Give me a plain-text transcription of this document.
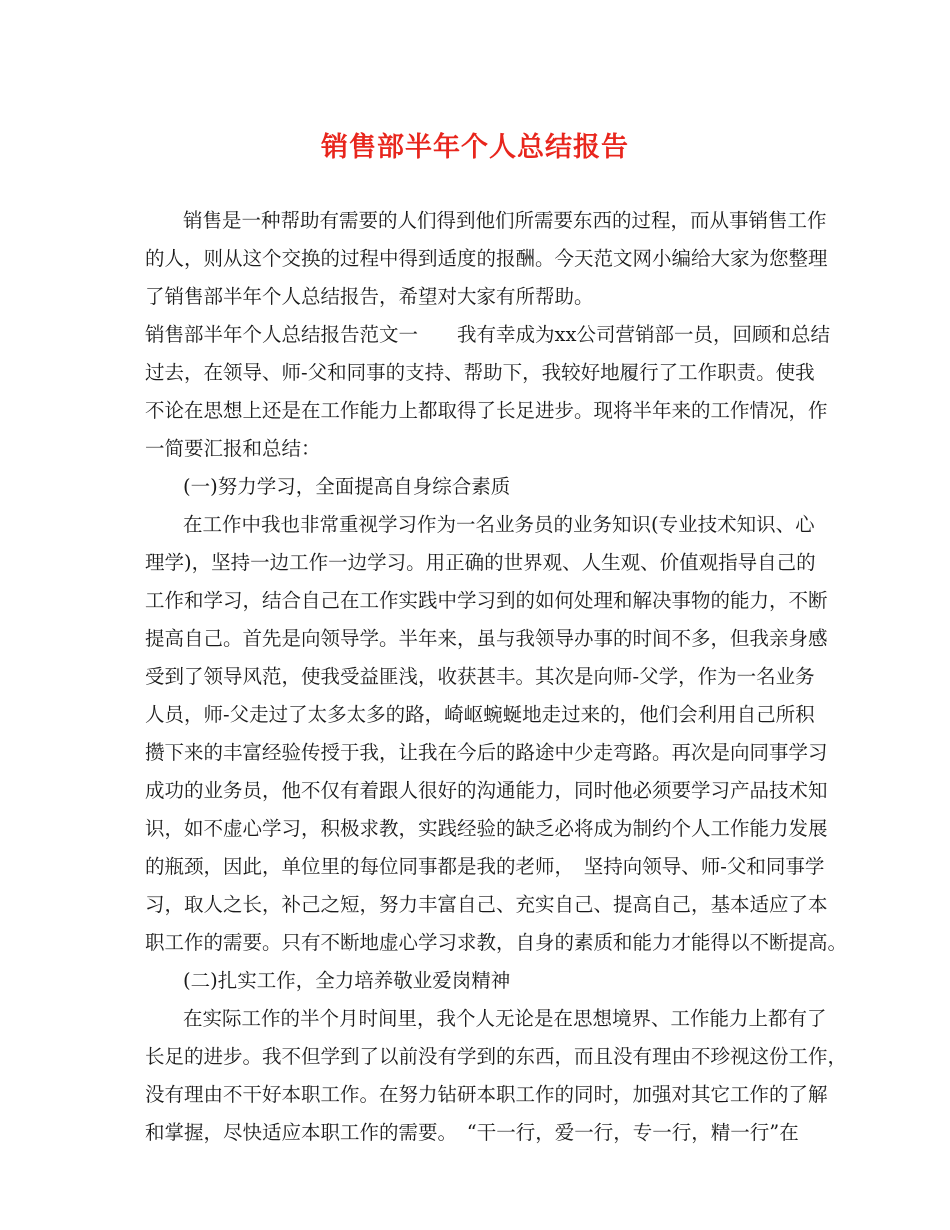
销售部半年个人总结报告
销售是一种帮助有需要的人们得到他们所需要东西的过程，而从事销售工作
的人，则从这个交换的过程中得到适度的报酬。今天范文网小编给大家为您整理
了销售部半年个人总结报告，希望对大家有所帮助。
销售部半年个人总结报告范文一　　我有幸成为xx公司营销部一员，回顾和总结
过去，在领导、师-父和同事的支持、帮助下，我较好地履行了工作职责。使我
不论在思想上还是在工作能力上都取得了长足进步。现将半年来的工作情况，作
一简要汇报和总结：
(一)努力学习，全面提高自身综合素质
在工作中我也非常重视学习作为一名业务员的业务知识(专业技术知识、心
理学)，坚持一边工作一边学习。用正确的世界观、人生观、价值观指导自己的
工作和学习，结合自己在工作实践中学习到的如何处理和解决事物的能力，不断
提高自己。首先是向领导学。半年来，虽与我领导办事的时间不多，但我亲身感
受到了领导风范，使我受益匪浅，收获甚丰。其次是向师-父学，作为一名业务
人员，师-父走过了太多太多的路，崎岖蜿蜒地走过来的，他们会利用自己所积
攒下来的丰富经验传授于我，让我在今后的路途中少走弯路。再次是向同事学习
成功的业务员，他不仅有着跟人很好的沟通能力，同时他必须要学习产品技术知
识，如不虚心学习，积极求教，实践经验的缺乏必将成为制约个人工作能力发展
的瓶颈，因此，单位里的每位同事都是我的老师，　坚持向领导、师-父和同事学
习，取人之长，补己之短，努力丰富自己、充实自己、提高自己，基本适应了本
职工作的需要。只有不断地虚心学习求教，自身的素质和能力才能得以不断提高。
(二)扎实工作，全力培养敬业爱岗精神
在实际工作的半个月时间里，我个人无论是在思想境界、工作能力上都有了
长足的进步。我不但学到了以前没有学到的东西，而且没有理由不珍视这份工作，
没有理由不干好本职工作。在努力钻研本职工作的同时，加强对其它工作的了解
和掌握，尽快适应本职工作的需要。　“干一行，爱一行，专一行，精一行”在
